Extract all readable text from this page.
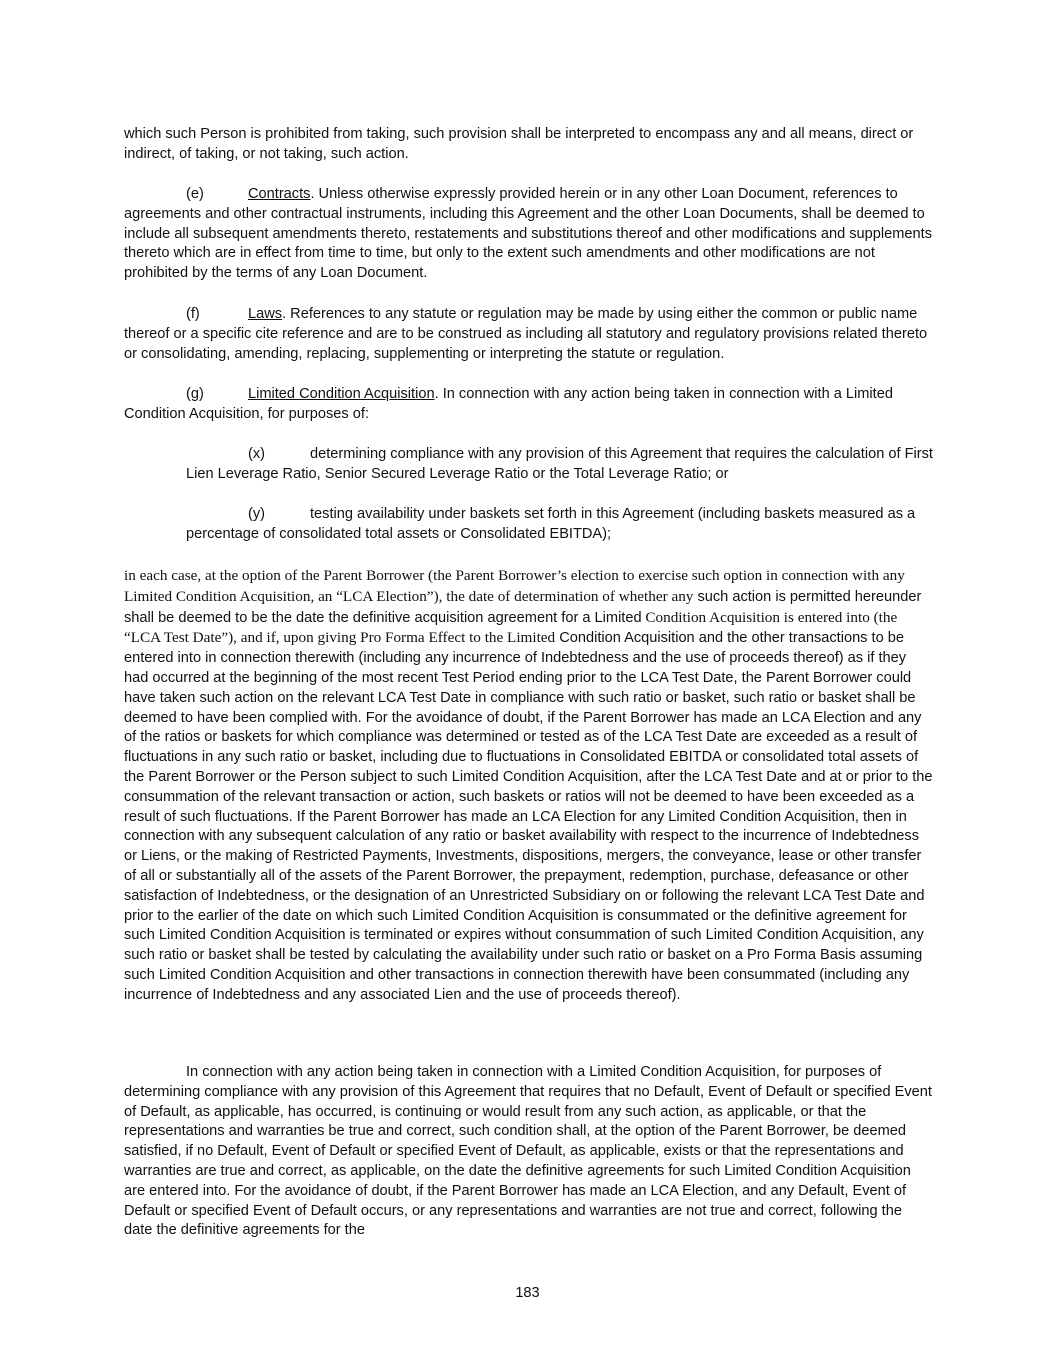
which such Person is prohibited from taking, such provision shall be interpreted to encompass any and all means, direct or indirect, of taking, or not taking, such action.

(e)	Contracts. Unless otherwise expressly provided herein or in any other Loan Document, references to agreements and other contractual instruments, including this Agreement and the other Loan Documents, shall be deemed to include all subsequent amendments thereto, restatements and substitutions thereof and other modifications and supplements thereto which are in effect from time to time, but only to the extent such amendments and other modifications are not prohibited by the terms of any Loan Document.

(f)	Laws. References to any statute or regulation may be made by using either the common or public name thereof or a specific cite reference and are to be construed as including all statutory and regulatory provisions related thereto or consolidating, amending, replacing, supplementing or interpreting the statute or regulation.

(g)	Limited Condition Acquisition. In connection with any action being taken in connection with a Limited Condition Acquisition, for purposes of:

(x)	determining compliance with any provision of this Agreement that requires the calculation of First Lien Leverage Ratio, Senior Secured Leverage Ratio or the Total Leverage Ratio; or

(y)	testing availability under baskets set forth in this Agreement (including baskets measured as a percentage of consolidated total assets or Consolidated EBITDA);

in each case, at the option of the Parent Borrower (the Parent Borrower’s election to exercise such option in connection with any Limited Condition Acquisition, an “LCA Election”), the date of determination of whether any such action is permitted hereunder shall be deemed to be the date the definitive acquisition agreement for a Limited Condition Acquisition is entered into (the “LCA Test Date”), and if, upon giving Pro Forma Effect to the Limited Condition Acquisition and the other transactions to be entered into in connection therewith (including any incurrence of Indebtedness and the use of proceeds thereof) as if they had occurred at the beginning of the most recent Test Period ending prior to the LCA Test Date, the Parent Borrower could have taken such action on the relevant LCA Test Date in compliance with such ratio or basket, such ratio or basket shall be deemed to have been complied with. For the avoidance of doubt, if the Parent Borrower has made an LCA Election and any of the ratios or baskets for which compliance was determined or tested as of the LCA Test Date are exceeded as a result of fluctuations in any such ratio or basket, including due to fluctuations in Consolidated EBITDA or consolidated total assets of the Parent Borrower or the Person subject to such Limited Condition Acquisition, after the LCA Test Date and at or prior to the consummation of the relevant transaction or action, such baskets or ratios will not be deemed to have been exceeded as a result of such fluctuations. If the Parent Borrower has made an LCA Election for any Limited Condition Acquisition, then in connection with any subsequent calculation of any ratio or basket availability with respect to the incurrence of Indebtedness or Liens, or the making of Restricted Payments, Investments, dispositions, mergers, the conveyance, lease or other transfer of all or substantially all of the assets of the Parent Borrower, the prepayment, redemption, purchase, defeasance or other satisfaction of Indebtedness, or the designation of an Unrestricted Subsidiary on or following the relevant LCA Test Date and prior to the earlier of the date on which such Limited Condition Acquisition is consummated or the definitive agreement for such Limited Condition Acquisition is terminated or expires without consummation of such Limited Condition Acquisition, any such ratio or basket shall be tested by calculating the availability under such ratio or basket on a Pro Forma Basis assuming such Limited Condition Acquisition and other transactions in connection therewith have been consummated (including any incurrence of Indebtedness and any associated Lien and the use of proceeds thereof).

In connection with any action being taken in connection with a Limited Condition Acquisition, for purposes of determining compliance with any provision of this Agreement that requires that no Default, Event of Default or specified Event of Default, as applicable, has occurred, is continuing or would result from any such action, as applicable, or that the representations and warranties be true and correct, such condition shall, at the option of the Parent Borrower, be deemed satisfied, if no Default, Event of Default or specified Event of Default, as applicable, exists or that the representations and warranties are true and correct, as applicable, on the date the definitive agreements for such Limited Condition Acquisition are entered into. For the avoidance of doubt, if the Parent Borrower has made an LCA Election, and any Default, Event of Default or specified Event of Default occurs, or any representations and warranties are not true and correct, following the date the definitive agreements for the

183
